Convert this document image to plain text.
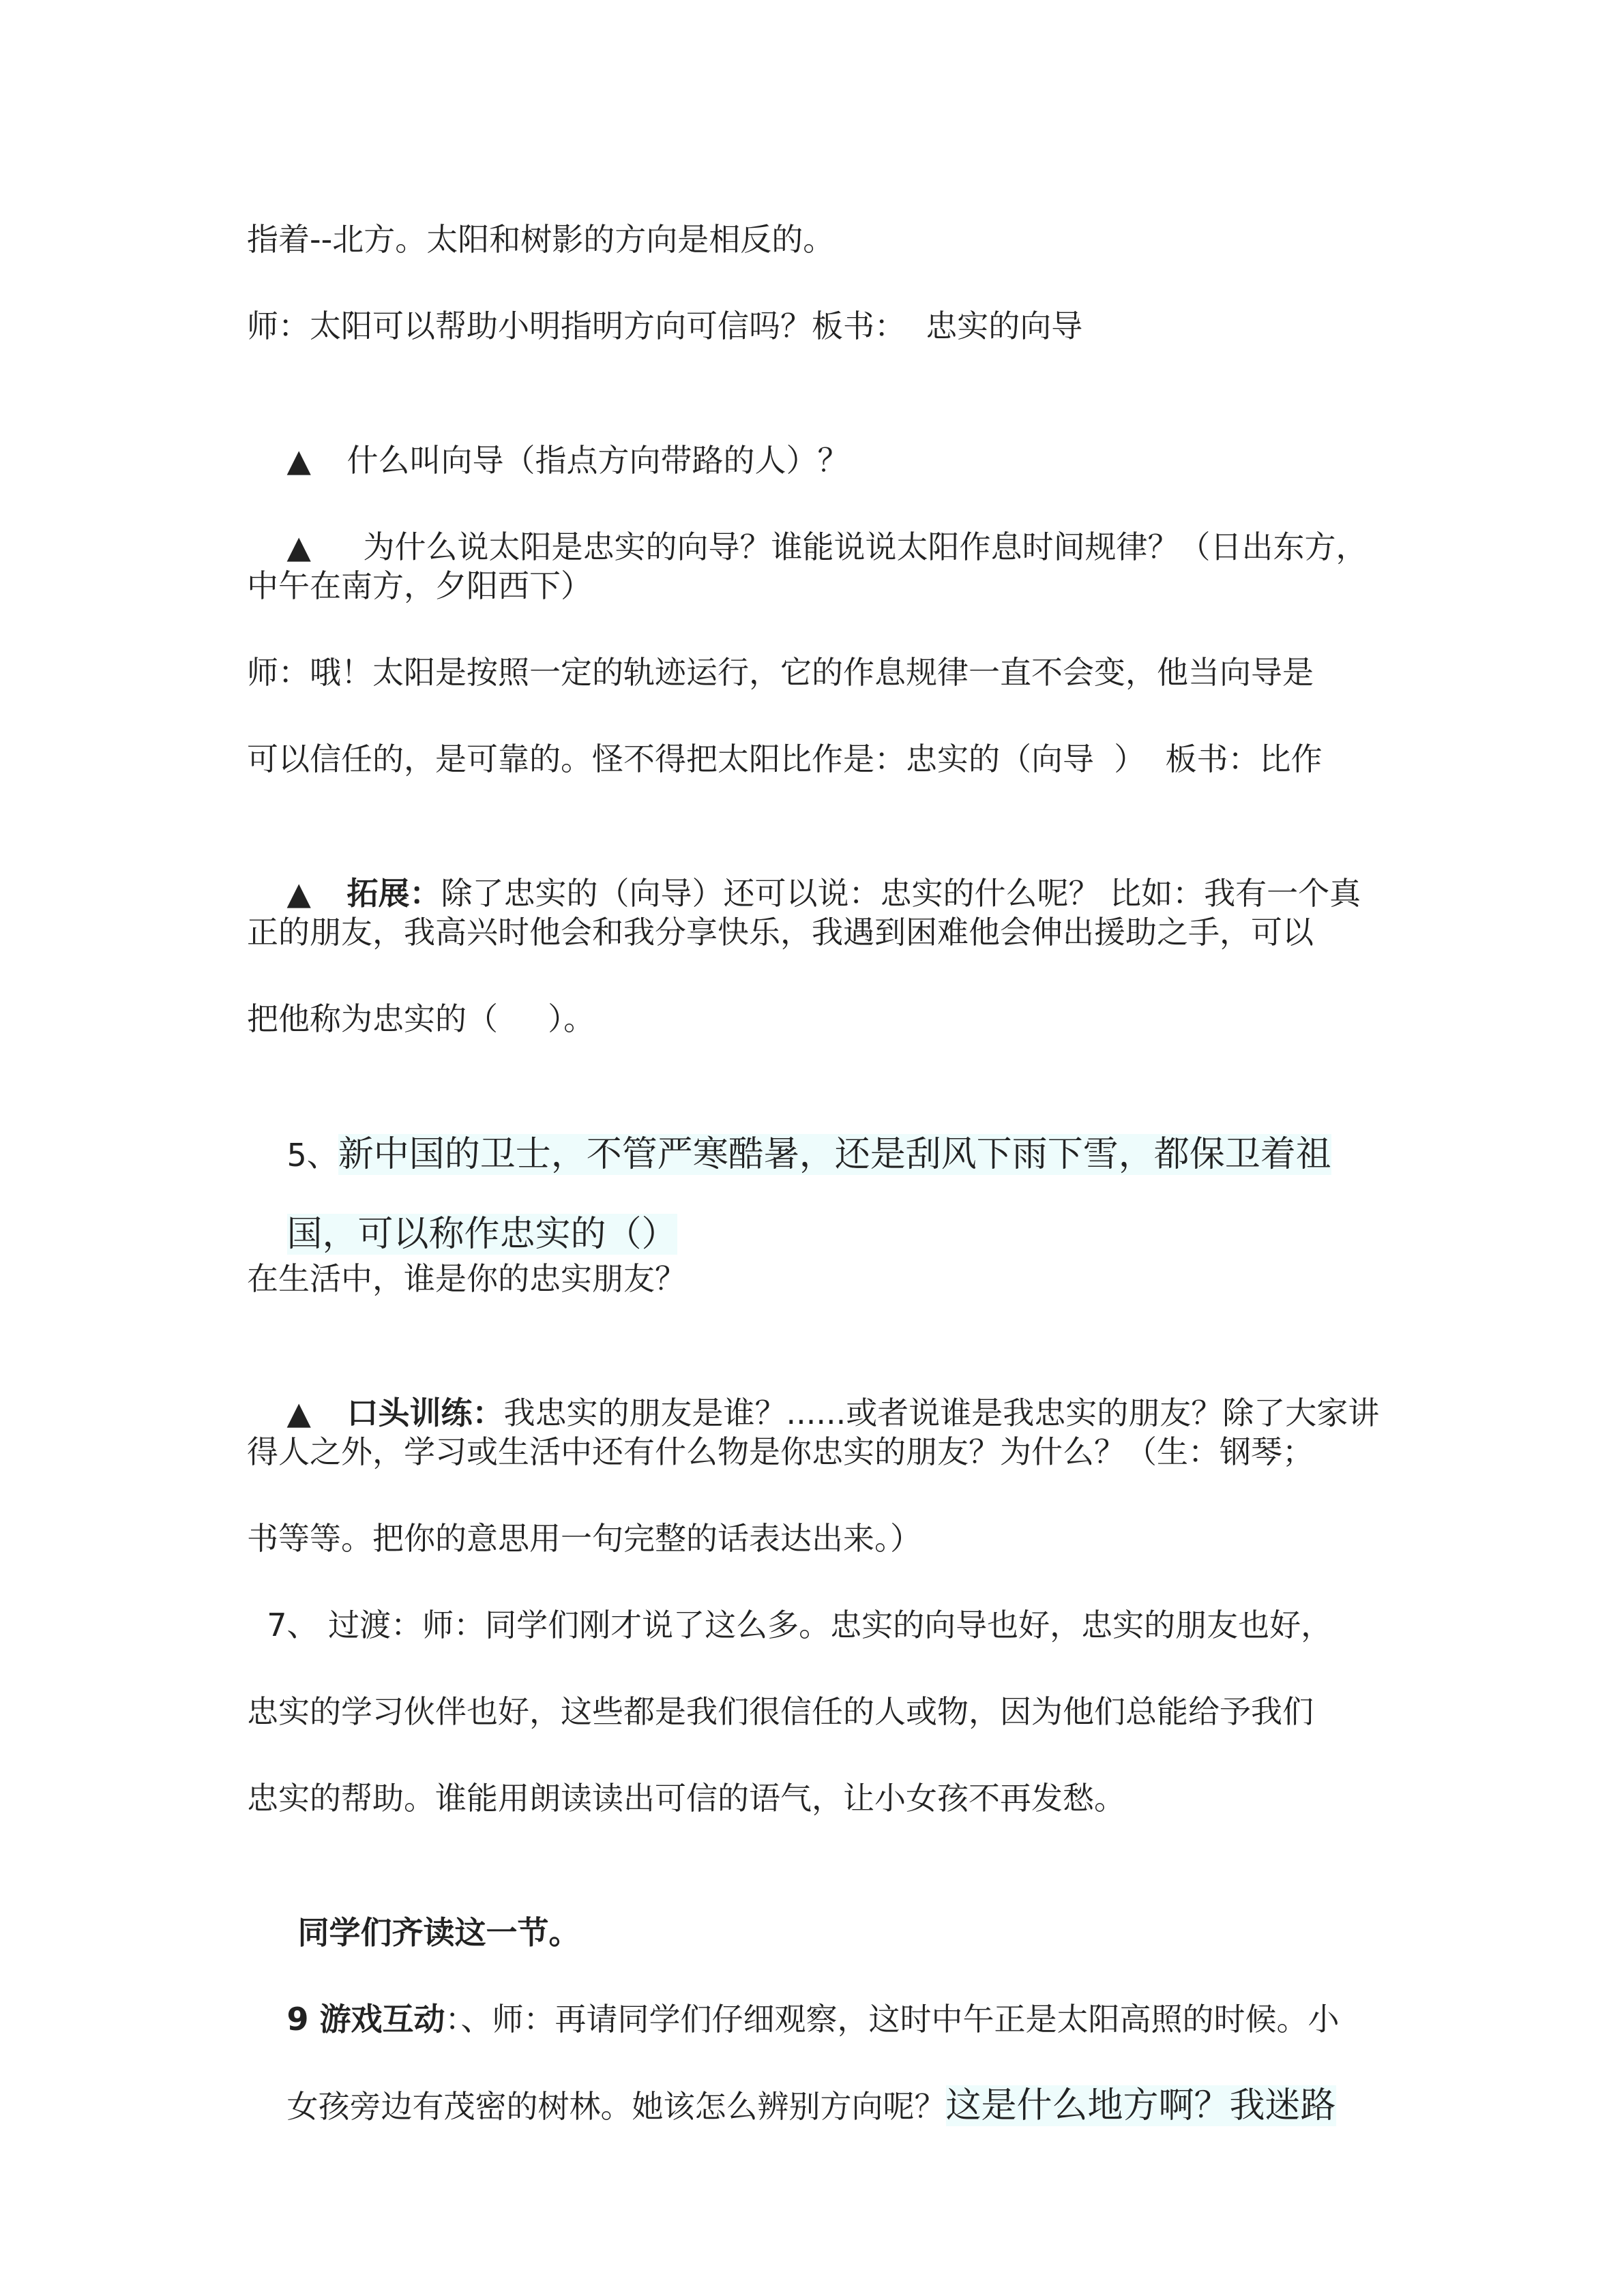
指着--北方。太阳和树影的方向是相反的。
师：太阳可以帮助小明指明方向可信吗？板书：  忠实的向导

▲ 什么叫向导（指点方向带路的人）？

▲ 为什么说太阳是忠实的向导？谁能说说太阳作息时间规律？（日出东方，

中午在南方，夕阳西下）
师：哦！太阳是按照一定的轨迹运行，它的作息规律一直不会变，他当向导是
可以信任的，是可靠的。怪不得把太阳比作是：忠实的（向导  ）  板书：比作

▲ 拓展：除了忠实的（向导）还可以说：忠实的什么呢？ 比如：我有一个真

正的朋友，我高兴时他会和我分享快乐，我遇到困难他会伸出援助之手，可以
把他称为忠实的（     ）。

5、新中国的卫士，不管严寒酷暑，还是刮风下雨下雪，都保卫着祖

国，可以称作忠实的（）

在生活中，谁是你的忠实朋友？

▲ 口头训练：我忠实的朋友是谁？......或者说谁是我忠实的朋友？除了大家讲

得人之外，学习或生活中还有什么物是你忠实的朋友？为什么？（生：钢琴；
书等等。把你的意思用一句完整的话表达出来。）
7、 过渡：师：同学们刚才说了这么多。忠实的向导也好，忠实的朋友也好，
忠实的学习伙伴也好，这些都是我们很信任的人或物，因为他们总能给予我们
忠实的帮助。谁能用朗读读出可信的语气，让小女孩不再发愁。

同学们齐读这一节。

9 游戏互动：、师：再请同学们仔细观察，这时中午正是太阳高照的时候。小

女孩旁边有茂密的树林。她该怎么辨别方向呢？这是什么地方啊？我迷路
